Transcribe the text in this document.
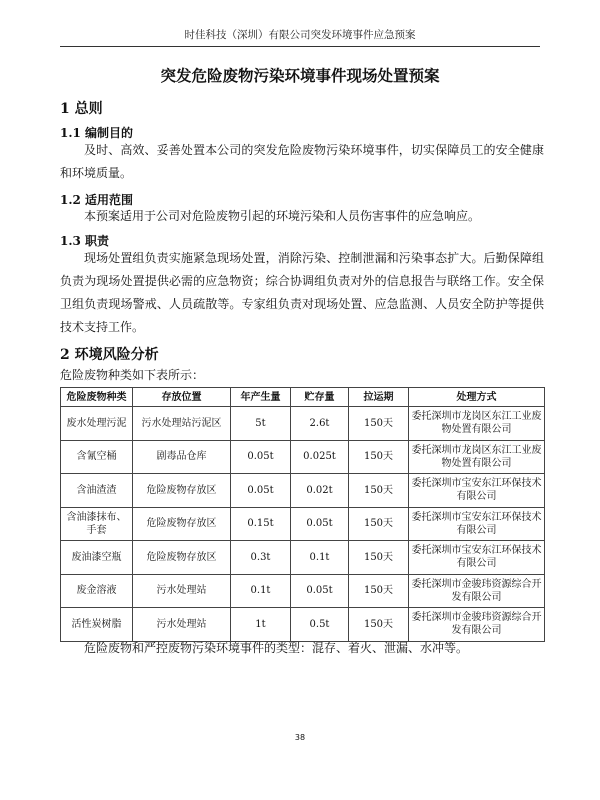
时佳科技（深圳）有限公司突发环境事件应急预案
突发危险废物污染环境事件现场处置预案
1 总则
1.1 编制目的
及时、高效、妥善处置本公司的突发危险废物污染环境事件，切实保障员工的安全健康和环境质量。
1.2 适用范围
本预案适用于公司对危险废物引起的环境污染和人员伤害事件的应急响应。
1.3 职责
现场处置组负责实施紧急现场处置，消除污染、控制泄漏和污染事态扩大。后勤保障组负责为现场处置提供必需的应急物资；综合协调组负责对外的信息报告与联络工作。安全保卫组负责现场警戒、人员疏散等。专家组负责对现场处置、应急监测、人员安全防护等提供技术支持工作。
2 环境风险分析
危险废物种类如下表所示：
危险废物种类	存放位置	年产生量	贮存量	拉运期	处理方式
废水处理污泥	污水处理站污泥区	5t	2.6t	150天	委托深圳市龙岗区东江工业废物处置有限公司
含氰空桶	剧毒品仓库	0.05t	0.025t	150天	委托深圳市龙岗区东江工业废物处置有限公司
含油渣渣	危险废物存放区	0.05t	0.02t	150天	委托深圳市宝安东江环保技术有限公司
含油漆抹布、手套	危险废物存放区	0.15t	0.05t	150天	委托深圳市宝安东江环保技术有限公司
废油漆空瓶	危险废物存放区	0.3t	0.1t	150天	委托深圳市宝安东江环保技术有限公司
废金溶液	污水处理站	0.1t	0.05t	150天	委托深圳市金骏玮资源综合开发有限公司
活性炭树脂	污水处理站	1t	0.5t	150天	委托深圳市金骏玮资源综合开发有限公司
危险废物和严控废物污染环境事件的类型：混存、着火、泄漏、水冲等。
38
